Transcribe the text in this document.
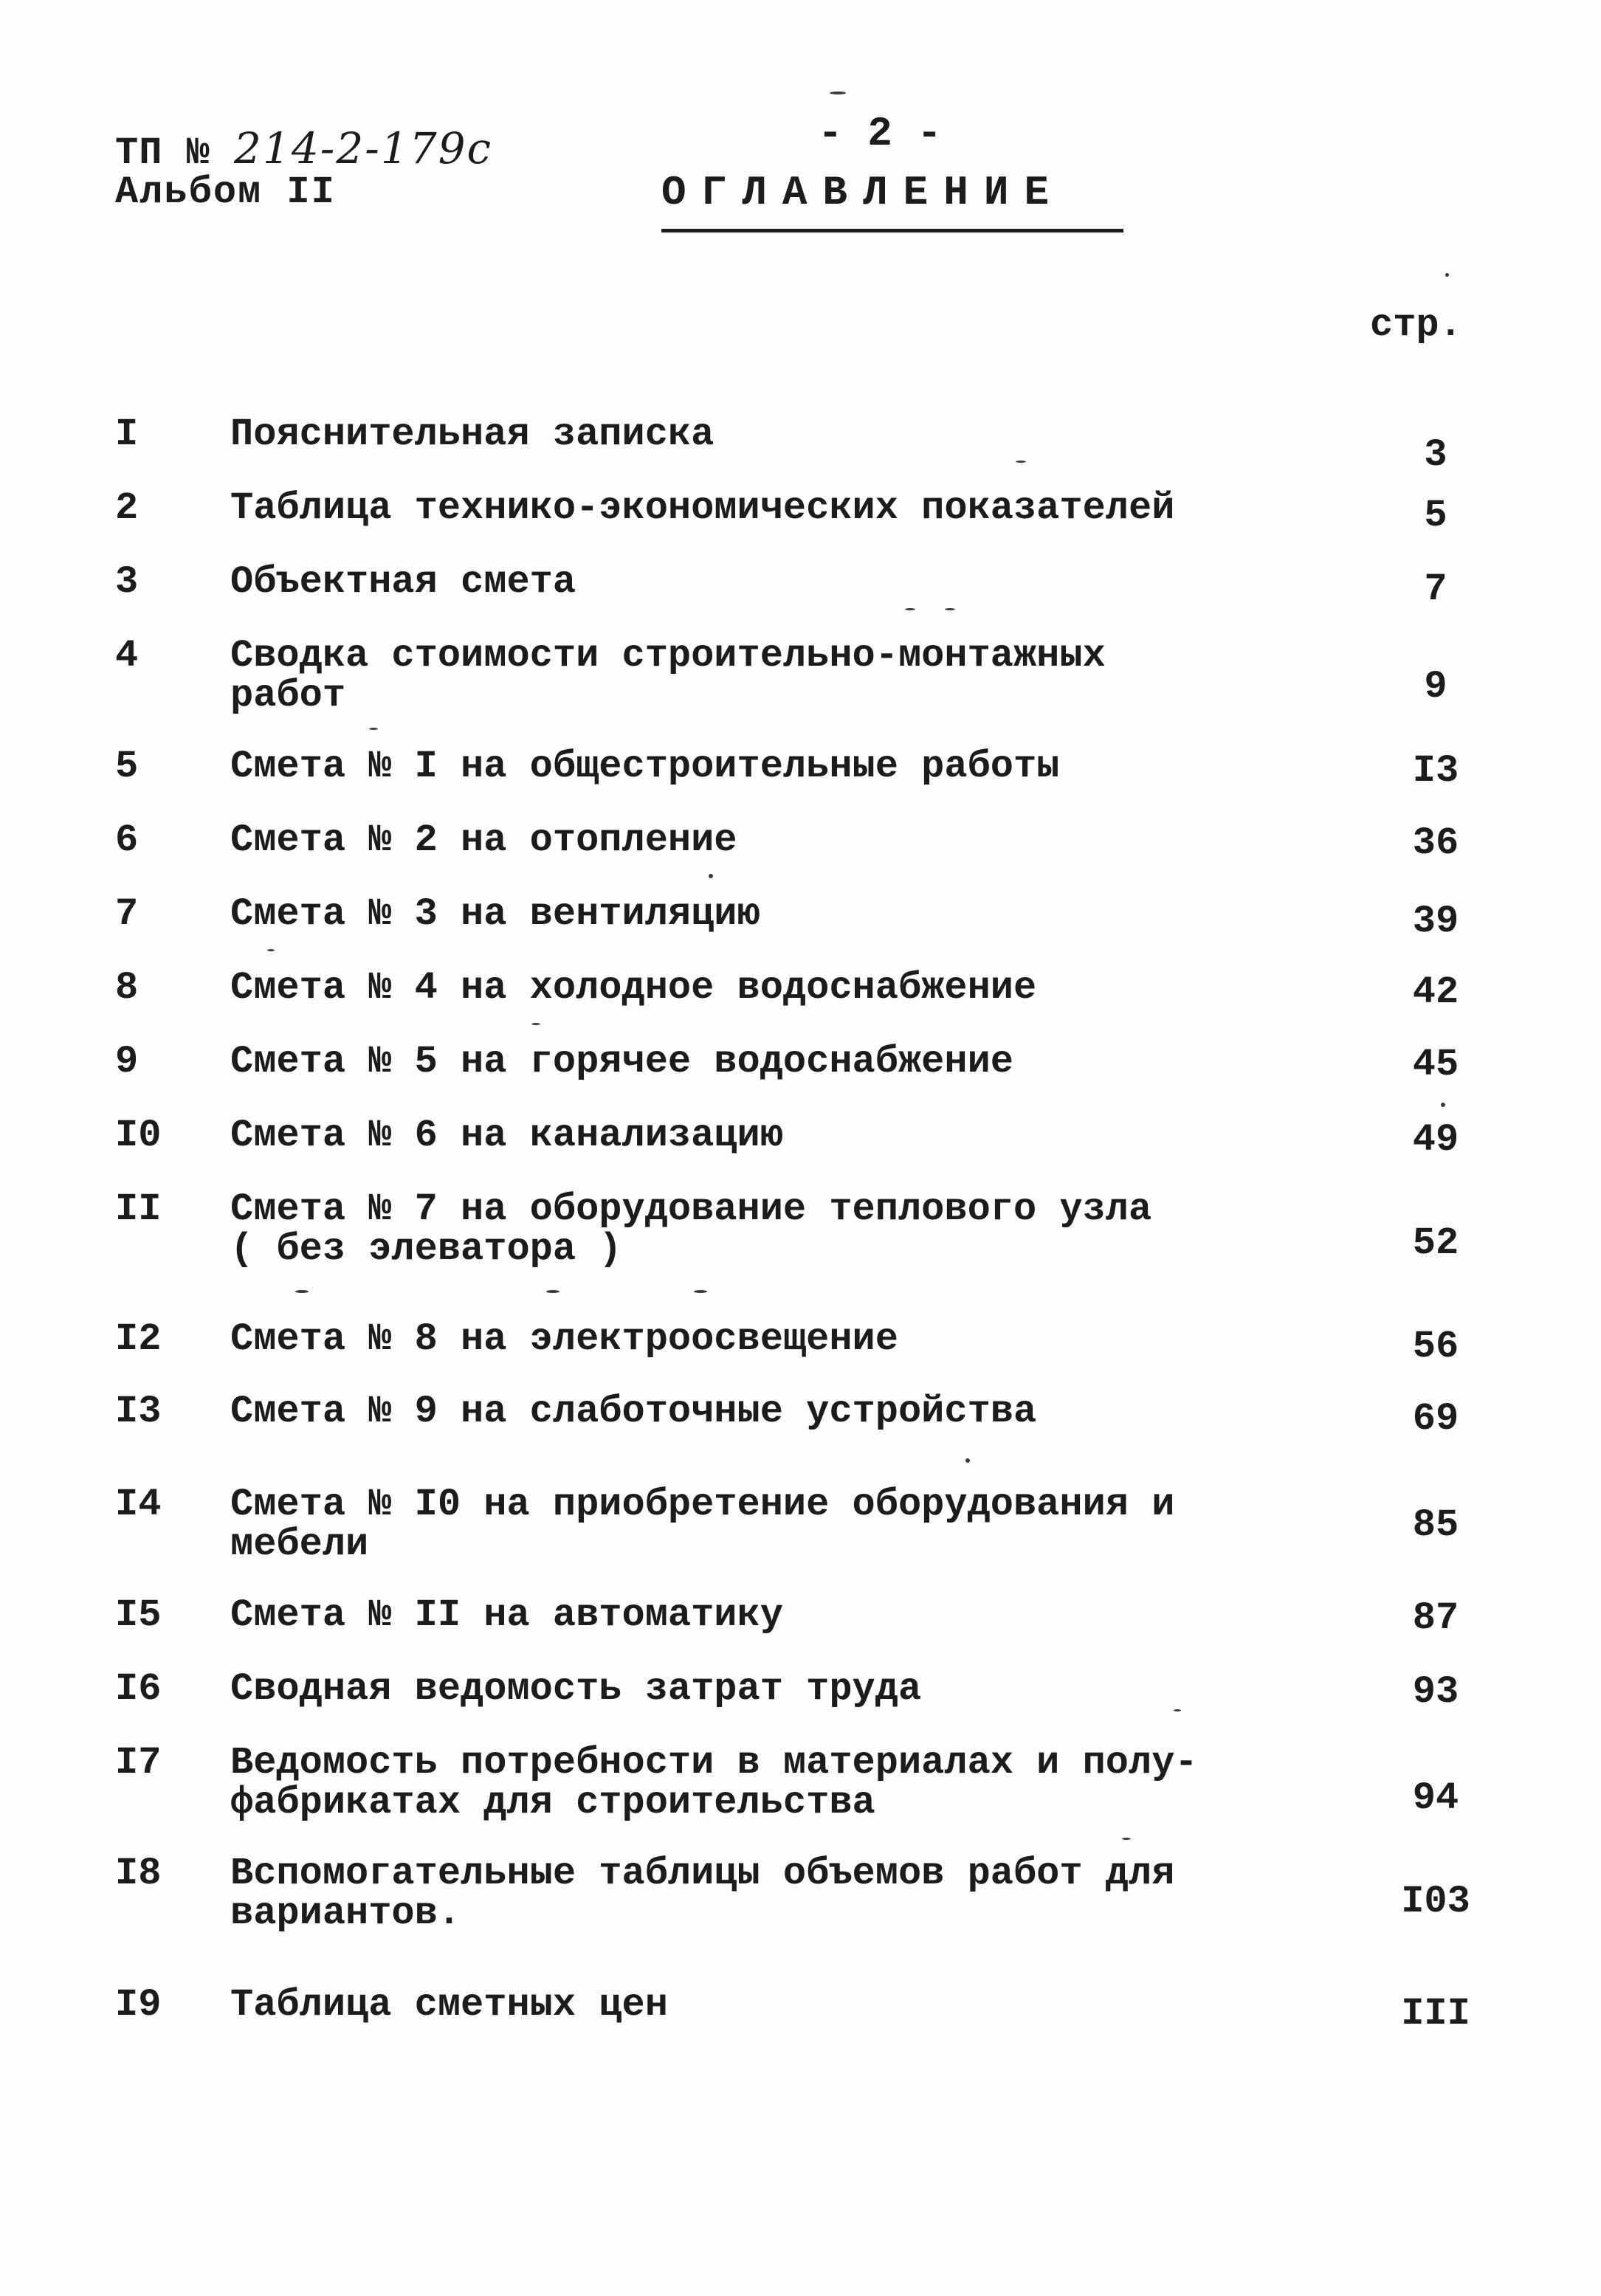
ТП № 214-2-179с
Альбом II
- 2 -
ОГЛАВЛЕНИЕ
стр.
I Пояснительная записка	3
2 Таблица технико-экономических показателей	5
3 Объектная смета	7
4 Сводка стоимости строительно-монтажных
работ	9
5 Смета № I на общестроительные работы	I3
6 Смета № 2 на отопление	36
7 Смета № 3 на вентиляцию	39
8 Смета № 4 на холодное водоснабжение	42
9 Смета № 5 на горячее водоснабжение	45
I0 Смета № 6 на канализацию	49
II Смета № 7 на оборудование теплового узла
( без элеватора )	52
I2 Смета № 8 на электроосвещение	56
I3 Смета № 9 на слаботочные устройства	69
I4 Смета № I0 на приобретение оборудования и
мебели	85
I5 Смета № II на автоматику	87
I6 Сводная ведомость затрат труда	93
I7 Ведомость потребности в материалах и полу-
фабрикатах для строительства	94
I8 Вспомогательные таблицы объемов работ для
вариантов.	I03
I9 Таблица сметных цен	III
